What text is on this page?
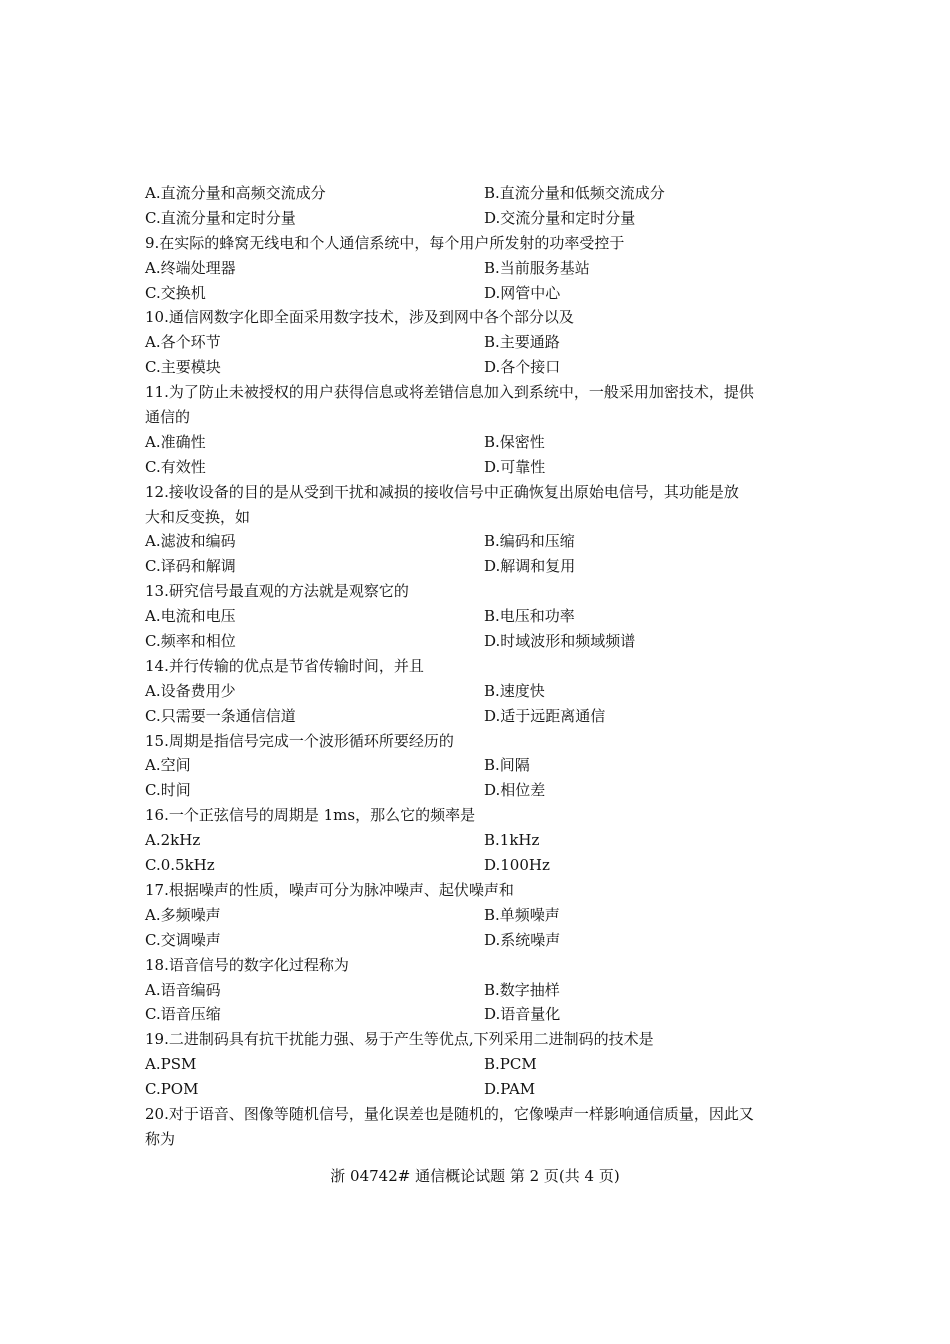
A.直流分量和高频交流成分	B.直流分量和低频交流成分
C.直流分量和定时分量	D.交流分量和定时分量
9.在实际的蜂窝无线电和个人通信系统中，每个用户所发射的功率受控于
A.终端处理器	B.当前服务基站
C.交换机	D.网管中心
10.通信网数字化即全面采用数字技术，涉及到网中各个部分以及
A.各个环节	B.主要通路
C.主要模块	D.各个接口
11.为了防止未被授权的用户获得信息或将差错信息加入到系统中，一般采用加密技术，提供
通信的
A.准确性	B.保密性
C.有效性	D.可靠性
12.接收设备的目的是从受到干扰和减损的接收信号中正确恢复出原始电信号，其功能是放
大和反变换，如
A.滤波和编码	B.编码和压缩
C.译码和解调	D.解调和复用
13.研究信号最直观的方法就是观察它的
A.电流和电压	B.电压和功率
C.频率和相位	D.时域波形和频域频谱
14.并行传输的优点是节省传输时间，并且
A.设备费用少	B.速度快
C.只需要一条通信信道	D.适于远距离通信
15.周期是指信号完成一个波形循环所要经历的
A.空间	B.间隔
C.时间	D.相位差
16.一个正弦信号的周期是 1ms，那么它的频率是
A.2kHz	B.1kHz
C.0.5kHz	D.100Hz
17.根据噪声的性质，噪声可分为脉冲噪声、起伏噪声和
A.多频噪声	B.单频噪声
C.交调噪声	D.系统噪声
18.语音信号的数字化过程称为
A.语音编码	B.数字抽样
C.语音压缩	D.语音量化
19.二进制码具有抗干扰能力强、易于产生等优点,下列采用二进制码的技术是
A.PSM	B.PCM
C.POM	D.PAM
20.对于语音、图像等随机信号，量化误差也是随机的，它像噪声一样影响通信质量，因此又
称为
浙 04742# 通信概论试题 第 2 页(共 4 页)
